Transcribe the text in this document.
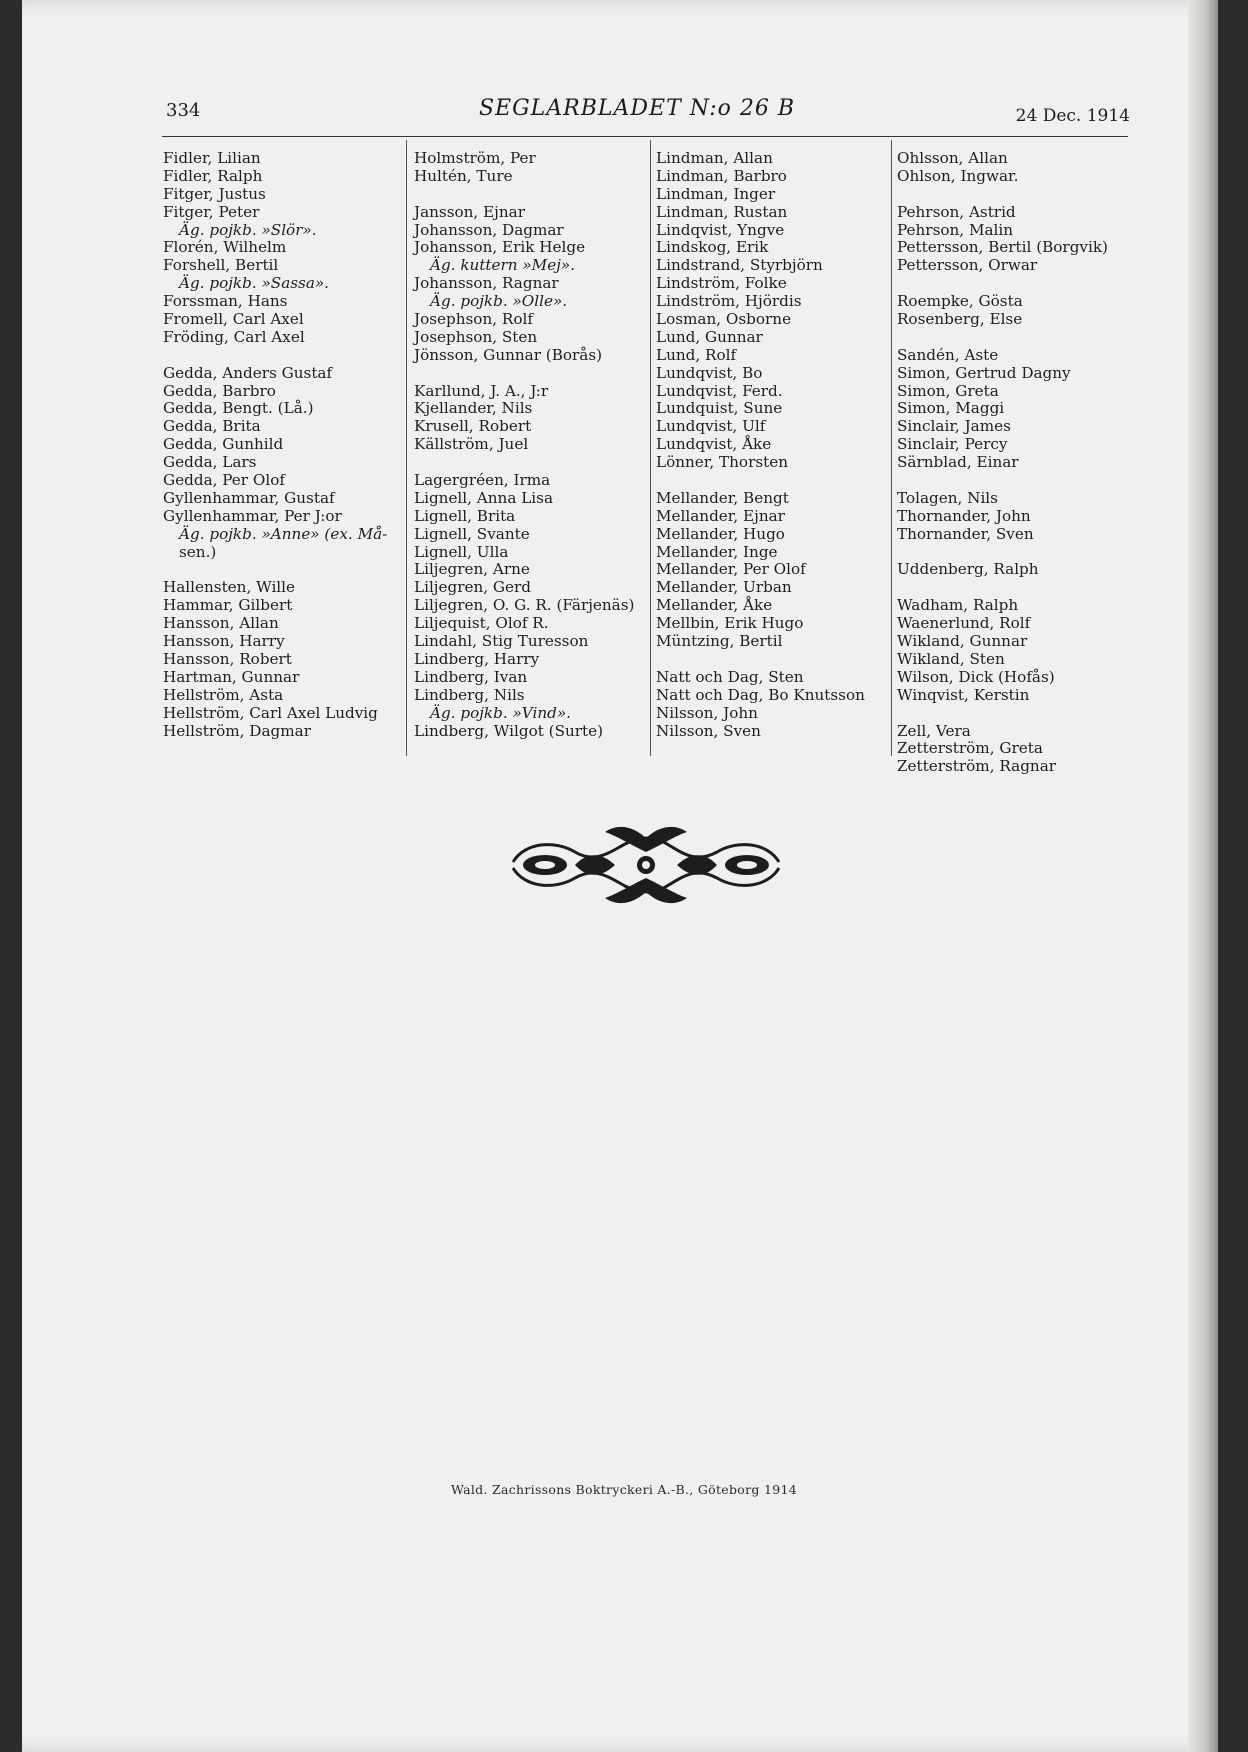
334	SEGLARBLADET N:o 26 B	24 Dec. 1914
Fidler, Lilian
Fidler, Ralph
Fitger, Justus
Fitger, Peter
Äg. pojkb. »Slör».
Florén, Wilhelm
Forshell, Bertil
Äg. pojkb. »Sassa».
Forssman, Hans
Fromell, Carl Axel
Fröding, Carl Axel
Gedda, Anders Gustaf
Gedda, Barbro
Gedda, Bengt. (Lå.)
Gedda, Brita
Gedda, Gunhild
Gedda, Lars
Gedda, Per Olof
Gyllenhammar, Gustaf
Gyllenhammar, Per J:or
Äg. pojkb. »Anne» (ex. Må-
sen.)
Hallensten, Wille
Hammar, Gilbert
Hansson, Allan
Hansson, Harry
Hansson, Robert
Hartman, Gunnar
Hellström, Asta
Hellström, Carl Axel Ludvig
Hellström, Dagmar
Holmström, Per
Hultén, Ture
Jansson, Ejnar
Johansson, Dagmar
Johansson, Erik Helge
Äg. kuttern »Mej».
Johansson, Ragnar
Äg. pojkb. »Olle».
Josephson, Rolf
Josephson, Sten
Jönsson, Gunnar (Borås)
Karllund, J. A., J:r
Kjellander, Nils
Krusell, Robert
Källström, Juel
Lagergréen, Irma
Lignell, Anna Lisa
Lignell, Brita
Lignell, Svante
Lignell, Ulla
Liljegren, Arne
Liljegren, Gerd
Liljegren, O. G. R. (Färjenäs)
Liljequist, Olof R.
Lindahl, Stig Turesson
Lindberg, Harry
Lindberg, Ivan
Lindberg, Nils
Äg. pojkb. »Vind».
Lindberg, Wilgot (Surte)
Lindman, Allan
Lindman, Barbro
Lindman, Inger
Lindman, Rustan
Lindqvist, Yngve
Lindskog, Erik
Lindstrand, Styrbjörn
Lindström, Folke
Lindström, Hjördis
Losman, Osborne
Lund, Gunnar
Lund, Rolf
Lundqvist, Bo
Lundqvist, Ferd.
Lundquist, Sune
Lundqvist, Ulf
Lundqvist, Åke
Lönner, Thorsten
Mellander, Bengt
Mellander, Ejnar
Mellander, Hugo
Mellander, Inge
Mellander, Per Olof
Mellander, Urban
Mellander, Åke
Mellbin, Erik Hugo
Müntzing, Bertil
Natt och Dag, Sten
Natt och Dag, Bo Knutsson
Nilsson, John
Nilsson, Sven
Ohlsson, Allan
Ohlson, Ingwar.
Pehrson, Astrid
Pehrson, Malin
Pettersson, Bertil (Borgvik)
Pettersson, Orwar
Roempke, Gösta
Rosenberg, Else
Sandén, Aste
Simon, Gertrud Dagny
Simon, Greta
Simon, Maggi
Sinclair, James
Sinclair, Percy
Särnblad, Einar
Tolagen, Nils
Thornander, John
Thornander, Sven
Uddenberg, Ralph
Wadham, Ralph
Waenerlund, Rolf
Wikland, Gunnar
Wikland, Sten
Wilson, Dick (Hofås)
Winqvist, Kerstin
Zell, Vera
Zetterström, Greta
Zetterström, Ragnar
Wald. Zachrissons Boktryckeri A.-B., Göteborg 1914
